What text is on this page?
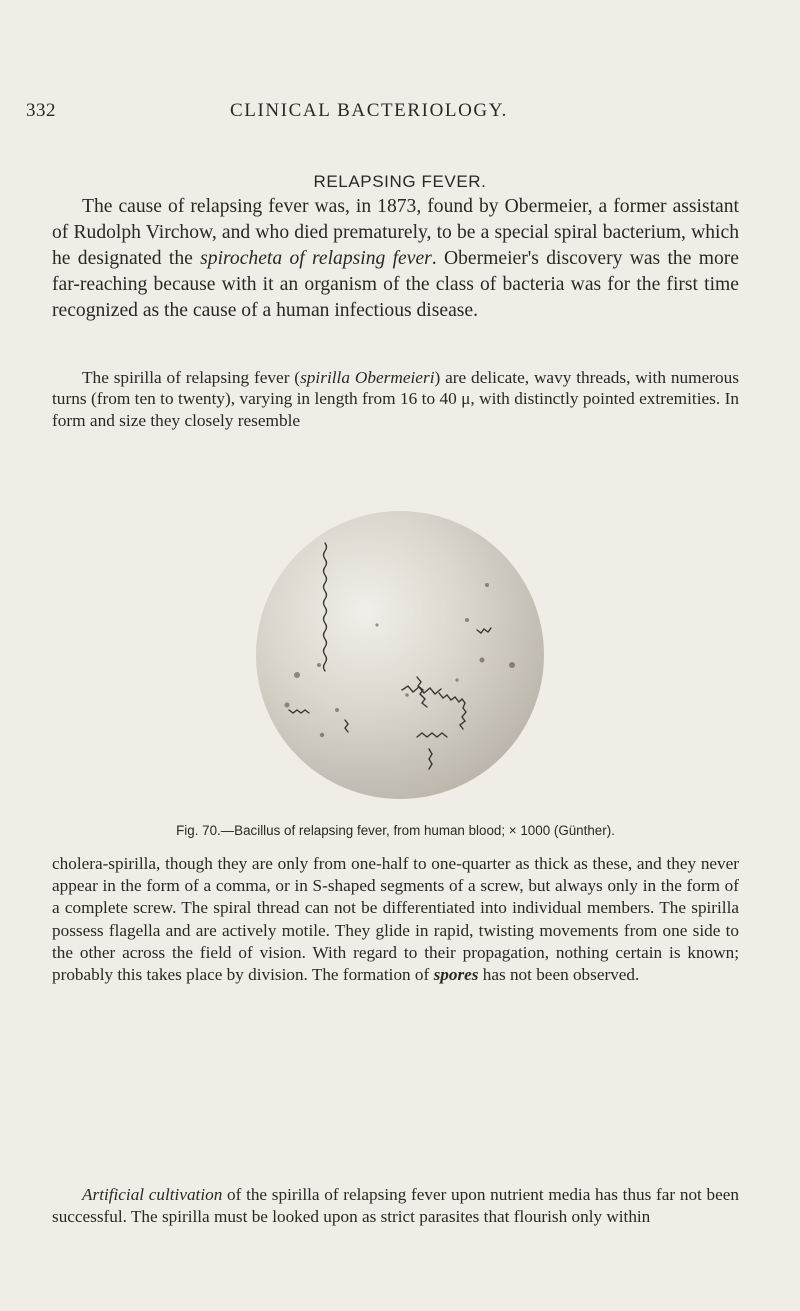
332	CLINICAL BACTERIOLOGY.
RELAPSING FEVER.

The cause of relapsing fever was, in 1873, found by Obermeier, a former assistant of Rudolph Virchow, and who died prematurely, to be a special spiral bacterium, which he designated the spirocheta of relapsing fever. Obermeier's discovery was the more far-reaching because with it an organism of the class of bacteria was for the first time recognized as the cause of a human infectious disease.

The spirilla of relapsing fever (spirilla Obermeieri) are delicate, wavy threads, with numerous turns (from ten to twenty), varying in length from 16 to 40 μ, with distinctly pointed extremities. In form and size they closely resemble

Fig. 70.—Bacillus of relapsing fever, from human blood; × 1000 (Günther).

cholera-spirilla, though they are only from one-half to one-quarter as thick as these, and they never appear in the form of a comma, or in S-shaped segments of a screw, but always only in the form of a complete screw. The spiral thread can not be differentiated into individual members. The spirilla possess flagella and are actively motile. They glide in rapid, twisting movements from one side to the other across the field of vision. With regard to their propagation, nothing certain is known; probably this takes place by division. The formation of spores has not been observed.

Artificial cultivation of the spirilla of relapsing fever upon nutrient media has thus far not been successful. The spirilla must be looked upon as strict parasites that flourish only within
